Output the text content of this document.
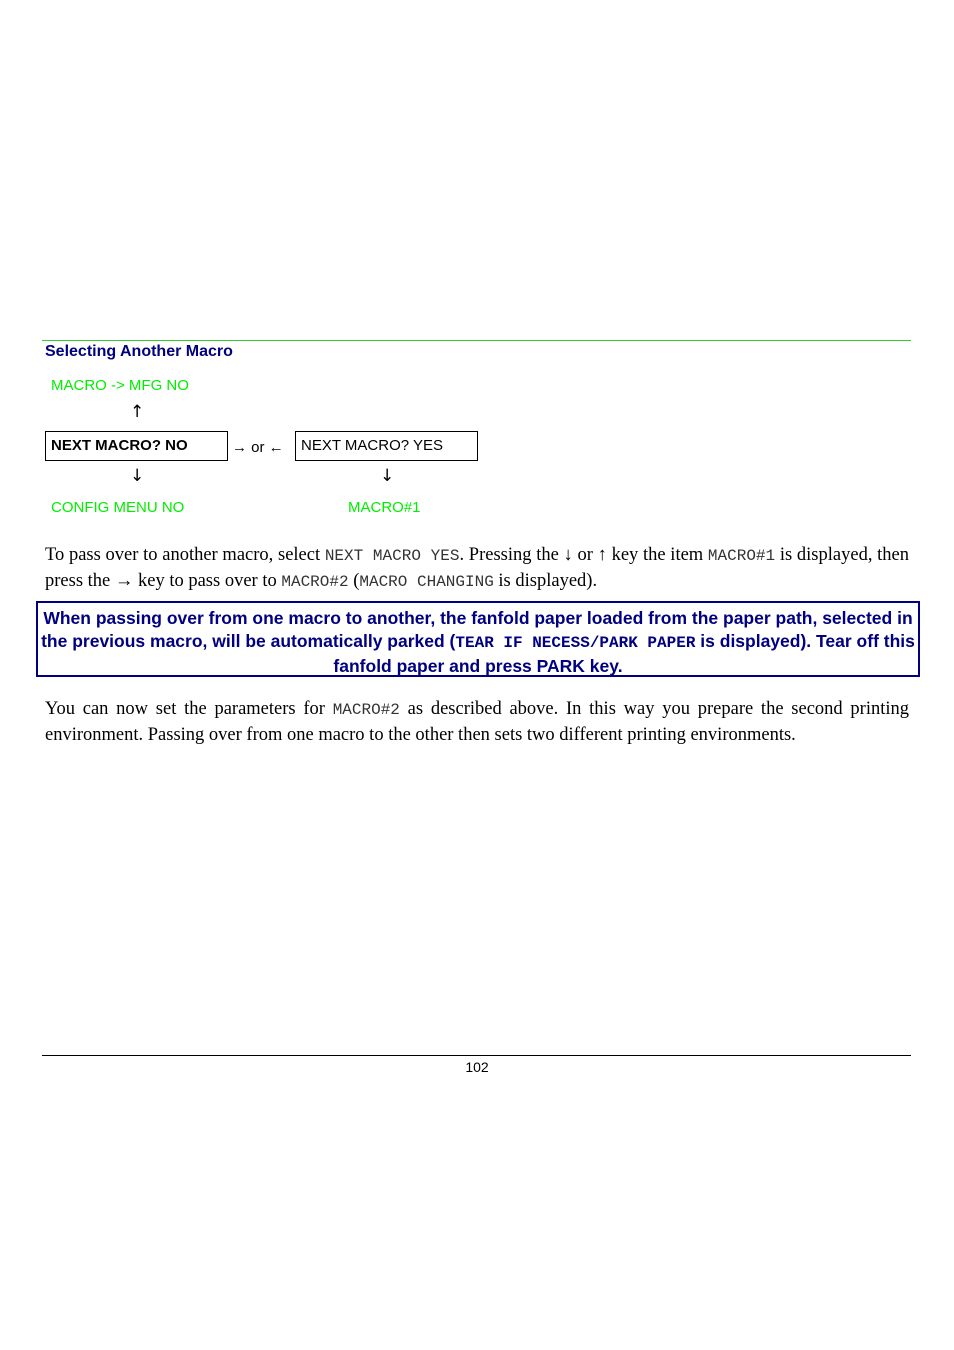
Selecting Another Macro
MACRO -> MFG NO
↑
NEXT MACRO? NO	→ or ←	NEXT MACRO? YES
↓	↓
CONFIG MENU NO	MACRO#1
To pass over to another macro, select NEXT MACRO YES. Pressing the ↓ or ↑ key the item MACRO#1 is displayed, then press the → key to pass over to MACRO#2 (MACRO CHANGING is displayed).
When passing over from one macro to another, the fanfold paper loaded from the paper path, selected in the previous macro, will be automatically parked (TEAR IF NECESS/PARK PAPER is displayed). Tear off this fanfold paper and press PARK key.
You can now set the parameters for MACRO#2 as described above. In this way you prepare the second printing environment. Passing over from one macro to the other then sets two different printing environments.
102
